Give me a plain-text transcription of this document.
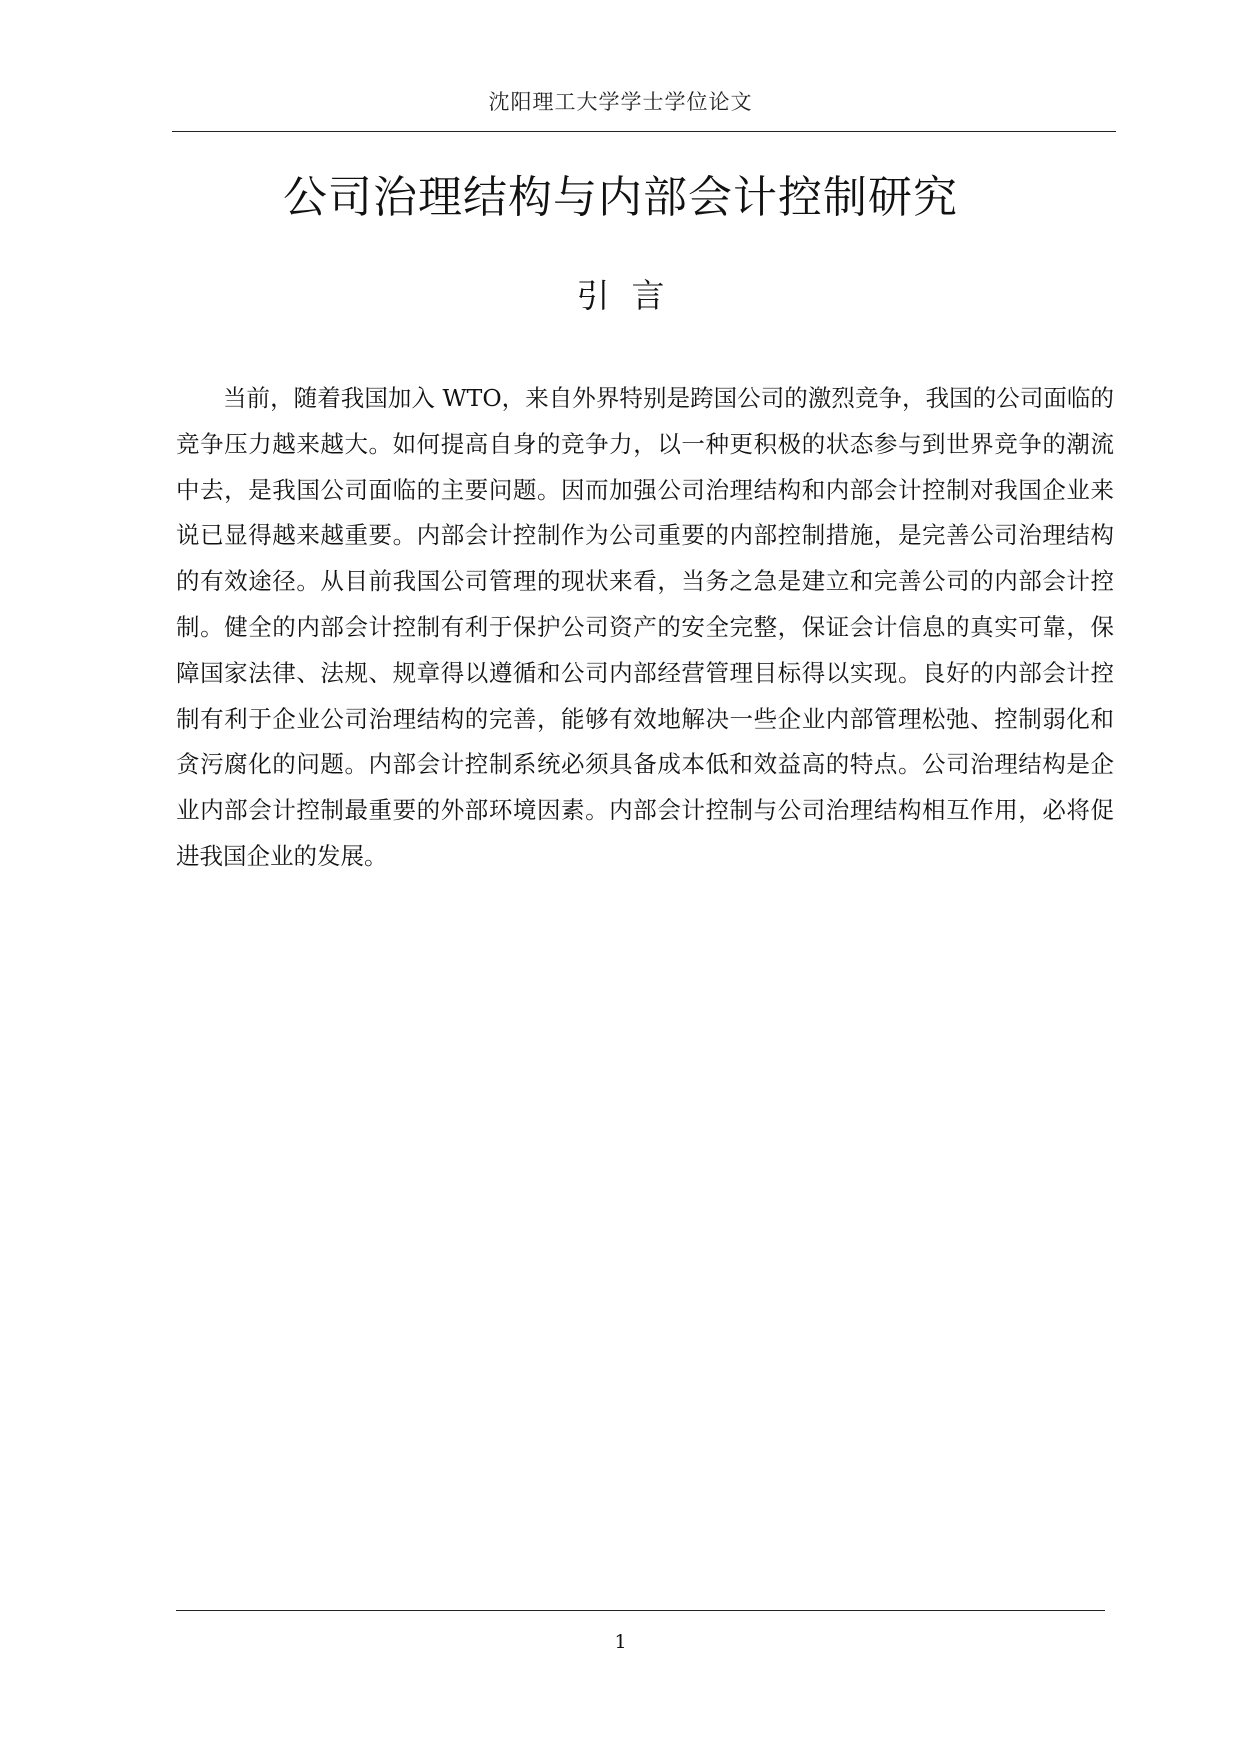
沈阳理工大学学士学位论文
公司治理结构与内部会计控制研究
引言

当前，随着我国加入 WTO，来自外界特别是跨国公司的激烈竞争，我国的公司面临的竞争压力越来越大。如何提高自身的竞争力，以一种更积极的状态参与到世界竞争的潮流中去，是我国公司面临的主要问题。因而加强公司治理结构和内部会计控制对我国企业来说已显得越来越重要。内部会计控制作为公司重要的内部控制措施，是完善公司治理结构的有效途径。从目前我国公司管理的现状来看，当务之急是建立和完善公司的内部会计控制。健全的内部会计控制有利于保护公司资产的安全完整，保证会计信息的真实可靠，保障国家法律、法规、规章得以遵循和公司内部经营管理目标得以实现。良好的内部会计控制有利于企业公司治理结构的完善，能够有效地解决一些企业内部管理松弛、控制弱化和贪污腐化的问题。内部会计控制系统必须具备成本低和效益高的特点。公司治理结构是企业内部会计控制最重要的外部环境因素。内部会计控制与公司治理结构相互作用，必将促进我国企业的发展。

1
